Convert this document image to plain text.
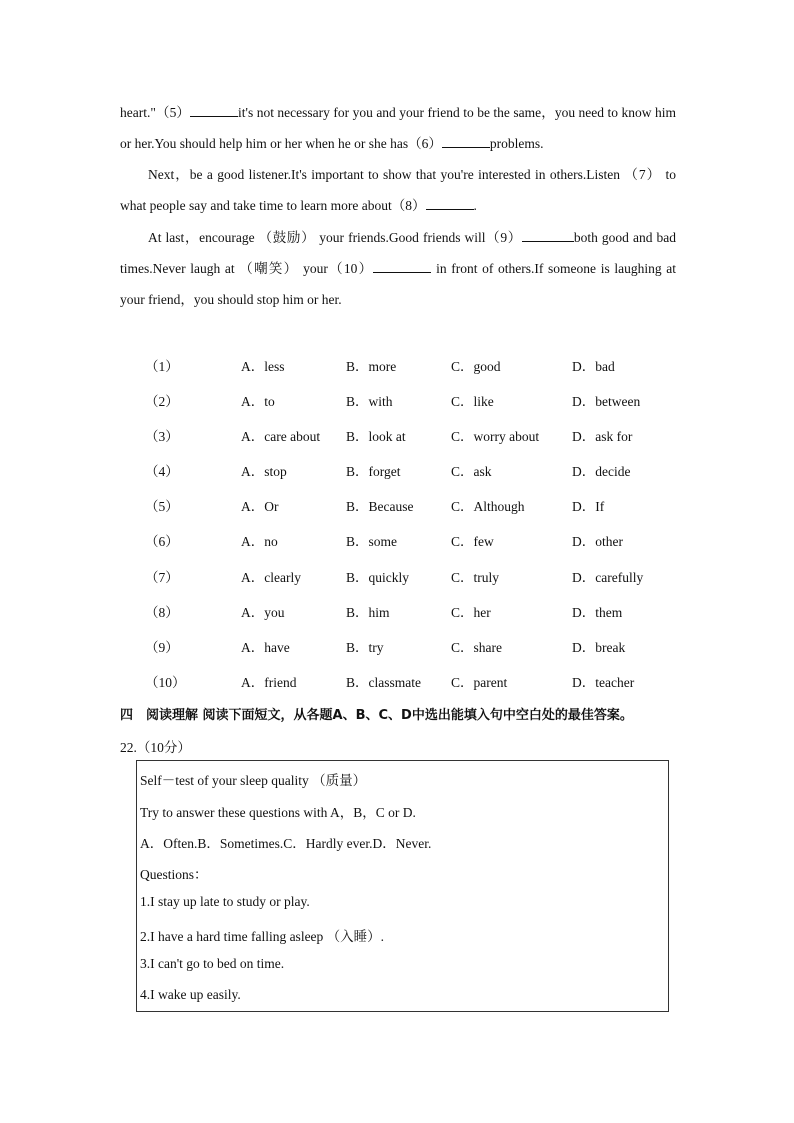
heart."（5）	it's not necessary for you and your friend to be the same，you need to know him or her.You should help him or her when he or she has（6）	problems.
Next，be a good listener.It's important to show that you're interested in others.Listen （7） to what people say and take time to learn more about（8）	.
At last，encourage （鼓励） your friends.Good friends will（9）	both good and bad times.Never laugh at （嘲笑） your（10）	in front of others.If someone is laughing at your friend，you should stop him or her.
（1）	A．less	B．more	C．good	D．bad
（2）	A．to	B．with	C．like	D．between
（3）	A．care about B．look at	C．worry about D．ask for
（4）	A．stop	B．forget	C．ask	D．decide
（5）	A．Or	B．Because	C．Although	D．If
（6）	A．no	B．some	C．few	D．other
（7）	A．clearly	B．quickly	C．truly	D．carefully
（8）	A．you	B．him	C．her	D．them
（9）	A．have	B．try	C．share	D．break
（10）	A．friend	B．classmate C．parent	D．teacher
四　阅读理解 阅读下面短文，从各题A、B、C、D中选出能填入句中空白处的最佳答案。
22.（10分）
Self－test of your sleep quality （质量）
Try to answer these questions with A，B，C or D.
A．Often.B．Sometimes.C．Hardly ever.D．Never.
Questions：
1.I stay up late to study or play.
2.I have a hard time falling asleep （入睡）.
3.I can't go to bed on time.
4.I wake up easily.
